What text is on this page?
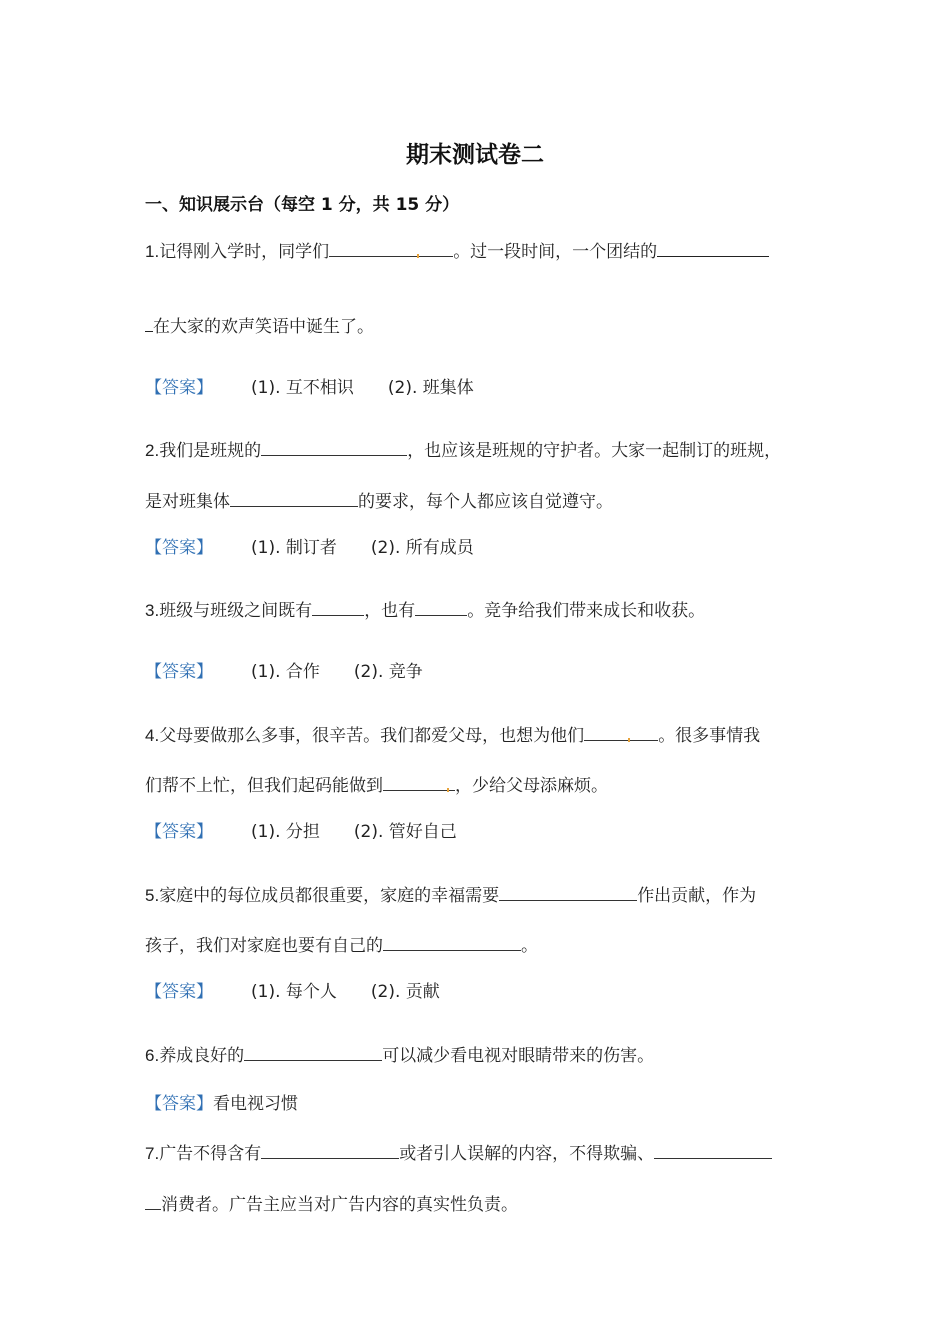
期末测试卷二
一、知识展示台（每空 1 分，共 15 分）
1.记得刚入学时，同学们	。过一段时间，一个团结的
在大家的欢声笑语中诞生了。
【答案】 (1). 互不相识 (2). 班集体
2.我们是班规的	，也应该是班规的守护者。大家一起制订的班规，
是对班集体	的要求，每个人都应该自觉遵守。
【答案】 (1). 制订者 (2). 所有成员
3.班级与班级之间既有	，也有	。竞争给我们带来成长和收获。
【答案】 (1). 合作 (2). 竞争
4.父母要做那么多事，很辛苦。我们都爱父母，也想为他们	。很多事情我
们帮不上忙，但我们起码能做到	，少给父母添麻烦。
【答案】 (1). 分担 (2). 管好自己
5.家庭中的每位成员都很重要，家庭的幸福需要	作出贡献，作为
孩子，我们对家庭也要有自己的	。
【答案】 (1). 每个人 (2). 贡献
6.养成良好的	可以减少看电视对眼睛带来的伤害。
【答案】看电视习惯
7.广告不得含有	或者引人误解的内容，不得欺骗、
消费者。广告主应当对广告内容的真实性负责。
